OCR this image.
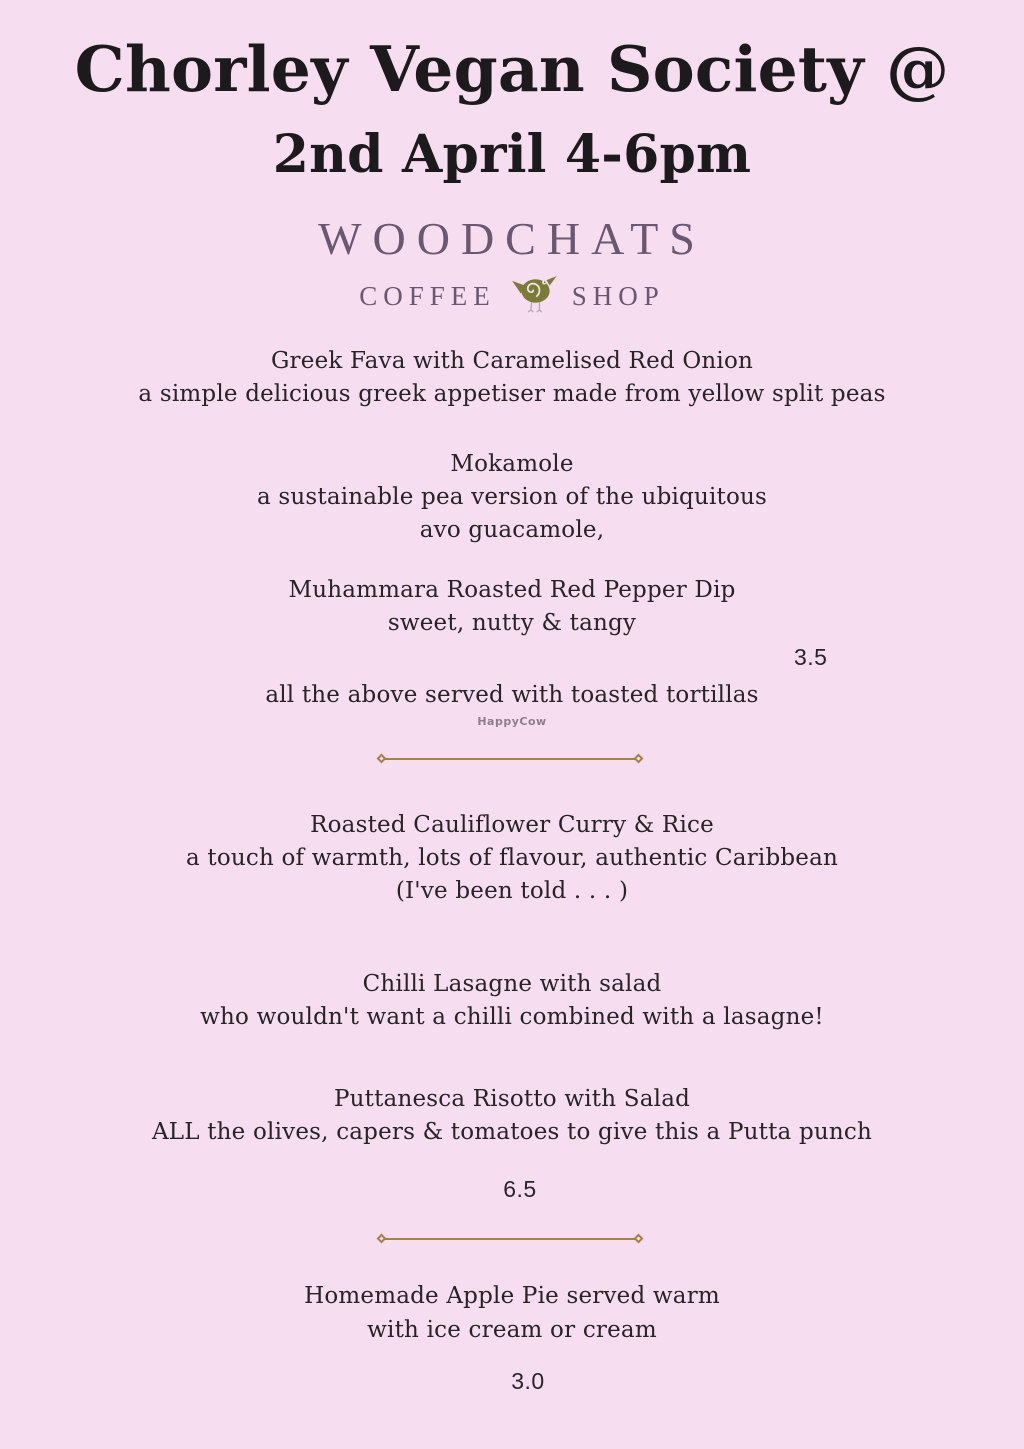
Chorley Vegan Society @
2nd April 4-6pm
WOODCHATS
COFFEE	SHOP
Greek Fava with Caramelised Red Onion
a simple delicious greek appetiser made from yellow split peas
Mokamole
a sustainable pea version of the ubiquitous
avo guacamole,
Muhammara Roasted Red Pepper Dip
sweet, nutty & tangy
3.5
all the above served with toasted tortillas
HappyCow
Roasted Cauliflower Curry & Rice
a touch of warmth, lots of flavour, authentic Caribbean
(I've been told . . . )
Chilli Lasagne with salad
who wouldn't want a chilli combined with a lasagne!
Puttanesca Risotto with Salad
ALL the olives, capers & tomatoes to give this a Putta punch
6.5
Homemade Apple Pie served warm
with ice cream or cream
3.0
